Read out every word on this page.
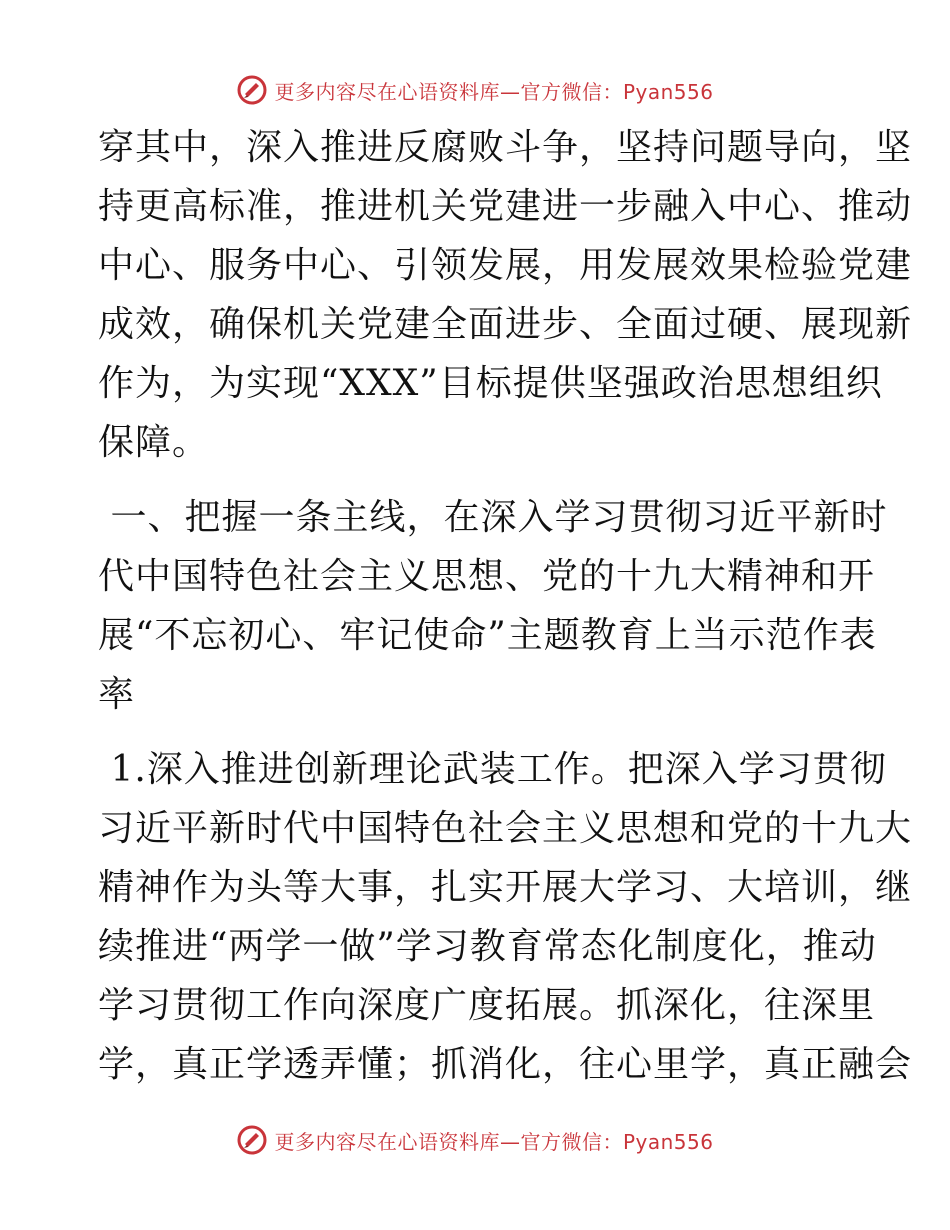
更多内容尽在心语资料库—官方微信：Pyan556

穿其中，深入推进反腐败斗争，坚持问题导向，坚
持更高标准，推进机关党建进一步融入中心、推动
中心、服务中心、引领发展，用发展效果检验党建
成效，确保机关党建全面进步、全面过硬、展现新
作为，为实现“XXX”目标提供坚强政治思想组织
保障。

一、把握一条主线，在深入学习贯彻习近平新时
代中国特色社会主义思想、党的十九大精神和开
展“不忘初心、牢记使命”主题教育上当示范作表
率

1.深入推进创新理论武装工作。把深入学习贯彻
习近平新时代中国特色社会主义思想和党的十九大
精神作为头等大事，扎实开展大学习、大培训，继
续推进“两学一做”学习教育常态化制度化，推动
学习贯彻工作向深度广度拓展。抓深化，往深里
学，真正学透弄懂；抓消化，往心里学，真正融会

更多内容尽在心语资料库—官方微信：Pyan556
